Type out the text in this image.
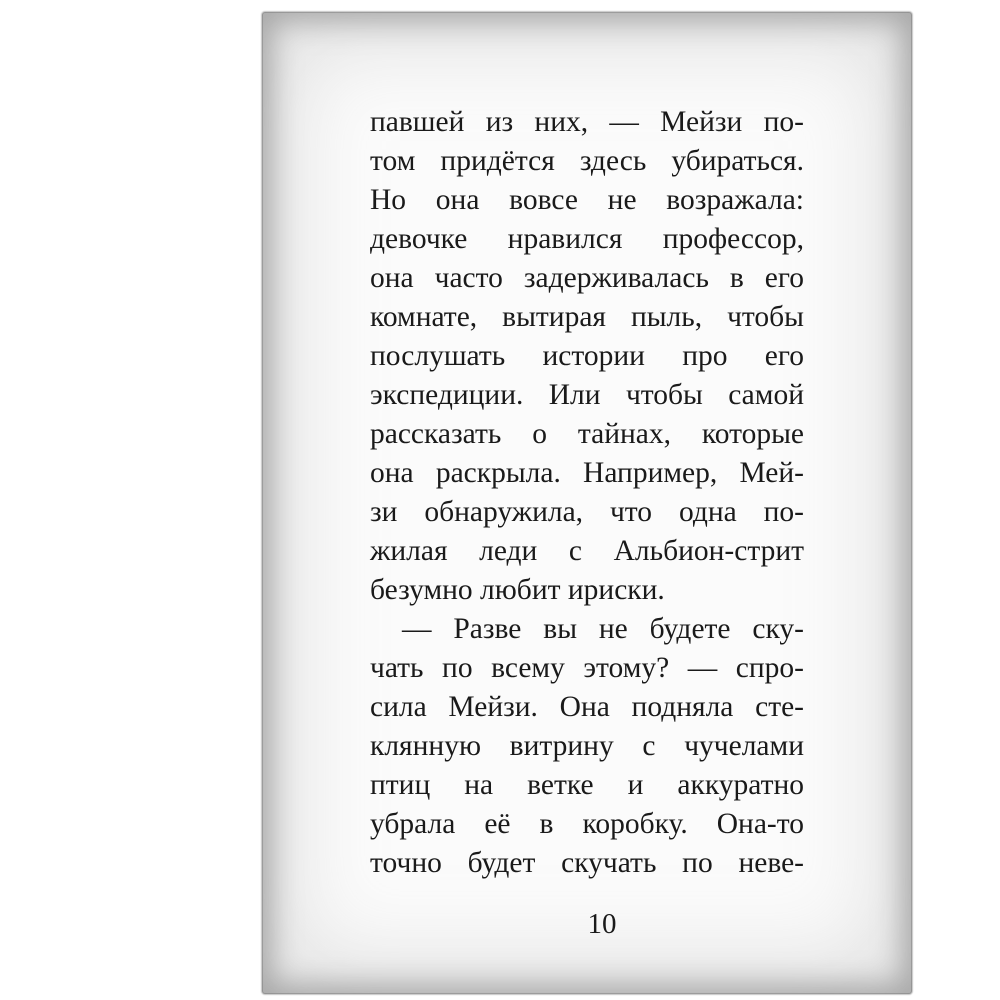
павшей из них, — Мейзи по-
том придётся здесь убираться.
Но она вовсе не возражала:
девочке нравился профессор,
она часто задерживалась в его
комнате, вытирая пыль, чтобы
послушать истории про его
экспедиции. Или чтобы самой
рассказать о тайнах, которые
она раскрыла. Например, Мей-
зи обнаружила, что одна по-
жилая леди с Альбион-стрит
безумно любит ириски.
— Разве вы не будете ску-
чать по всему этому? — спро-
сила Мейзи. Она подняла сте-
клянную витрину с чучелами
птиц на ветке и аккуратно
убрала её в коробку. Она-то
точно будет скучать по неве-
10
